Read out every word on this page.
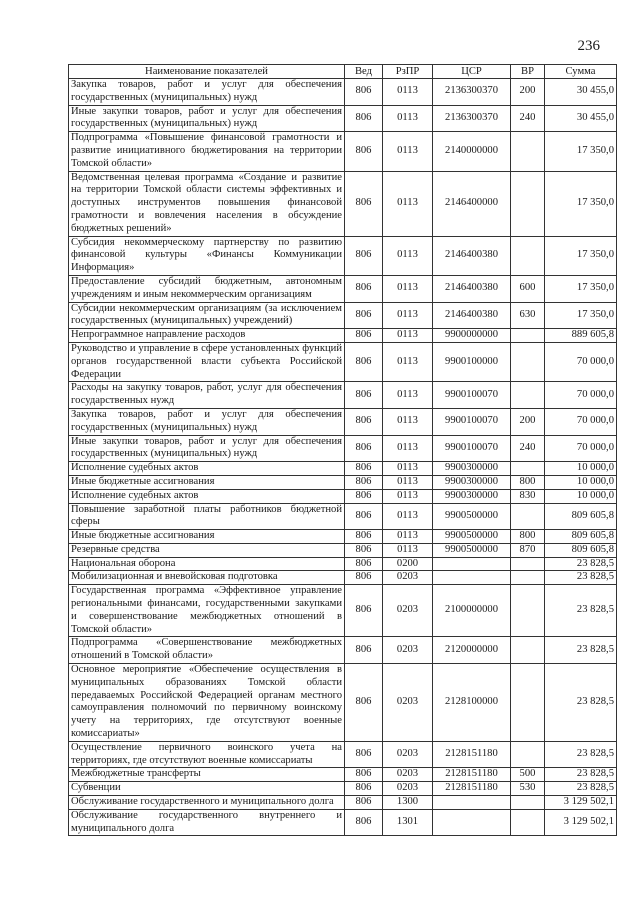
236
Наименование показателей	Вед	РзПР	ЦСР	ВР	Сумма
Закупка товаров, работ и услуг для обеспечения государственных (муниципальных) нужд	806	0113	2136300370	200	30 455,0
Иные закупки товаров, работ и услуг для обеспечения государственных (муниципальных) нужд	806	0113	2136300370	240	30 455,0
Подпрограмма «Повышение финансовой грамотности и развитие инициативного бюджетирования на территории Томской области»	806	0113	2140000000		17 350,0
Ведомственная целевая программа «Создание и развитие на территории Томской области системы эффективных и доступных инструментов повышения финансовой грамотности и вовлечения населения в обсуждение бюджетных решений»	806	0113	2146400000		17 350,0
Субсидия некоммерческому партнерству по развитию финансовой культуры «Финансы Коммуникации Информация»	806	0113	2146400380		17 350,0
Предоставление субсидий бюджетным, автономным учреждениям и иным некоммерческим организациям	806	0113	2146400380	600	17 350,0
Субсидии некоммерческим организациям (за исключением государственных (муниципальных) учреждений)	806	0113	2146400380	630	17 350,0
Непрограммное направление расходов	806	0113	9900000000		889 605,8
Руководство и управление в сфере установленных функций органов государственной власти субъекта Российской Федерации	806	0113	9900100000		70 000,0
Расходы на закупку товаров, работ, услуг для обеспечения государственных нужд	806	0113	9900100070		70 000,0
Закупка товаров, работ и услуг для обеспечения государственных (муниципальных) нужд	806	0113	9900100070	200	70 000,0
Иные закупки товаров, работ и услуг для обеспечения государственных (муниципальных) нужд	806	0113	9900100070	240	70 000,0
Исполнение судебных актов	806	0113	9900300000		10 000,0
Иные бюджетные ассигнования	806	0113	9900300000	800	10 000,0
Исполнение судебных актов	806	0113	9900300000	830	10 000,0
Повышение заработной платы работников бюджетной сферы	806	0113	9900500000		809 605,8
Иные бюджетные ассигнования	806	0113	9900500000	800	809 605,8
Резервные средства	806	0113	9900500000	870	809 605,8
Национальная оборона	806	0200			23 828,5
Мобилизационная и вневойсковая подготовка	806	0203			23 828,5
Государственная программа «Эффективное управление региональными финансами, государственными закупками и совершенствование межбюджетных отношений в Томской области»	806	0203	2100000000		23 828,5
Подпрограмма «Совершенствование межбюджетных отношений в Томской области»	806	0203	2120000000		23 828,5
Основное мероприятие «Обеспечение осуществления в муниципальных образованиях Томской области передаваемых Российской Федерацией органам местного самоуправления полномочий по первичному воинскому учету на территориях, где отсутствуют военные комиссариаты»	806	0203	2128100000		23 828,5
Осуществление первичного воинского учета на территориях, где отсутствуют военные комиссариаты	806	0203	2128151180		23 828,5
Межбюджетные трансферты	806	0203	2128151180	500	23 828,5
Субвенции	806	0203	2128151180	530	23 828,5
Обслуживание государственного и муниципального долга	806	1300			3 129 502,1
Обслуживание государственного внутреннего и муниципального долга	806	1301			3 129 502,1
